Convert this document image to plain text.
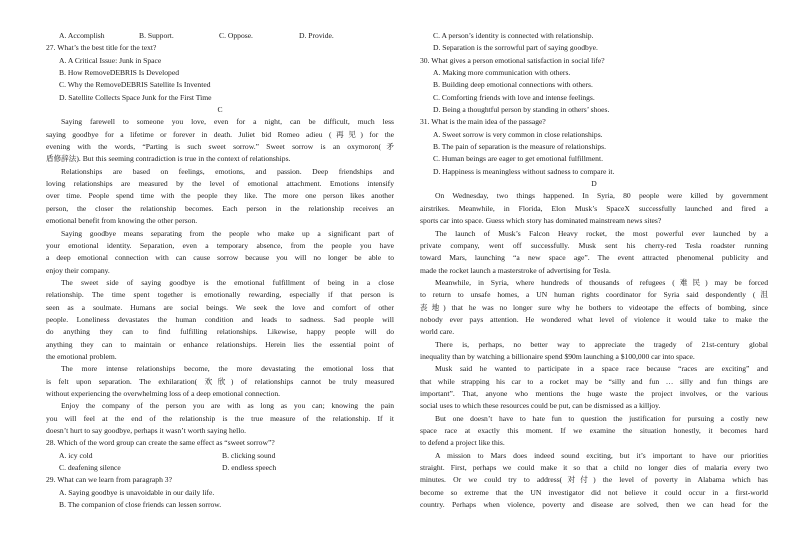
A. Accomplish	B. Support.	C. Oppose.	D. Provide.
27. What’s the best title for the text?
A. A Critical Issue: Junk in Space
B. How RemoveDEBRIS Is Developed
C. Why the RemoveDEBRIS Satellite Is Invented
D. Satellite Collects Space Junk for the First Time
C
Saying farewell to someone you love, even for a night, can be difficult, much less
saying goodbye for a lifetime or forever in death. Juliet bid Romeo adieu (再见) for the
evening with the words, “Parting is such sweet sorrow.” Sweet sorrow is an oxymoron(矛
盾修辞法). But this seeming contradiction is true in the context of relationships.
Relationships are based on feelings, emotions, and passion. Deep friendships and
loving relationships are measured by the level of emotional attachment. Emotions intensify
over time. People spend time with the people they like. The more one person likes another
person, the closer the relationship becomes. Each person in the relationship receives an
emotional benefit from knowing the other person.
Saying goodbye means separating from the people who make up a significant part of
your emotional identity. Separation, even a temporary absence, from the people you have
a deep emotional connection with can cause sorrow because you will no longer be able to
enjoy their company.
The sweet side of saying goodbye is the emotional fulfillment of being in a close
relationship. The time spent together is emotionally rewarding, especially if that person is
seen as a soulmate. Humans are social beings. We seek the love and comfort of other
people. Loneliness devastates the human condition and leads to sadness. Sad people will
do anything they can to find fulfilling relationships. Likewise, happy people will do
anything they can to maintain or enhance relationships. Herein lies the essential point of
the emotional problem.
The more intense relationships become, the more devastating the emotional loss that
is felt upon separation. The exhilaration( 欢欣) of relationships cannot be truly measured
without experiencing the overwhelming loss of a deep emotional connection.
Enjoy the company of the person you are with as long as you can; knowing the pain
you will feel at the end of the relationship is the true measure of the relationship. If it
doesn’t hurt to say goodbye, perhaps it wasn’t worth saying hello.
28. Which of the word group can create the same effect as “sweet sorrow”?
A. icy cold	B. clicking sound
C. deafening silence	D. endless speech
29. What can we learn from paragraph 3?
A. Saying goodbye is unavoidable in our daily life.
B. The companion of close friends can lessen sorrow.
C. A person’s identity is connected with relationship.
D. Separation is the sorrowful part of saying goodbye.
30. What gives a person emotional satisfaction in social life?
A. Making more communication with others.
B. Building deep emotional connections with others.
C. Comforting friends with love and intense feelings.
D. Being a thoughtful person by standing in others’ shoes.
31. What is the main idea of the passage?
A. Sweet sorrow is very common in close relationships.
B. The pain of separation is the measure of relationships.
C. Human beings are eager to get emotional fulfillment.
D. Happiness is meaningless without sadness to compare it.
D
On Wednesday, two things happened. In Syria, 80 people were killed by government
airstrikes. Meanwhile, in Florida, Elon Musk’s SpaceX successfully launched and fired a
sports car into space. Guess which story has dominated mainstream news sites?
The launch of Musk’s Falcon Heavy rocket, the most powerful ever launched by a
private company, went off successfully. Musk sent his cherry-red Tesla roadster running
toward Mars, launching “a new space age”. The event attracted phenomenal publicity and
made the rocket launch a masterstroke of advertising for Tesla.
Meanwhile, in Syria, where hundreds of thousands of refugees (难民) may be forced
to return to unsafe homes, a UN human rights coordinator for Syria said despondently (沮
丧地) that he was no longer sure why he bothers to videotape the effects of bombing, since
nobody ever pays attention. He wondered what level of violence it would take to make the
world care.
There is, perhaps, no better way to appreciate the tragedy of 21st-century global
inequality than by watching a billionaire spend $90m launching a $100,000 car into space.
Musk said he wanted to participate in a space race because “races are exciting” and
that while strapping his car to a rocket may be “silly and fun … silly and fun things are
important”. That, anyone who mentions the huge waste the project involves, or the various
social uses to which these resources could be put, can be dismissed as a killjoy.
But one doesn’t have to hate fun to question the justification for pursuing a costly new
space race at exactly this moment. If we examine the situation honestly, it becomes hard
to defend a project like this.
A mission to Mars does indeed sound exciting, but it’s important to have our priorities
straight. First, perhaps we could make it so that a child no longer dies of malaria every two
minutes. Or we could try to address(对付) the level of poverty in Alabama which has
become so extreme that the UN investigator did not believe it could occur in a first-world
country. Perhaps when violence, poverty and disease are solved, then we can head for the
